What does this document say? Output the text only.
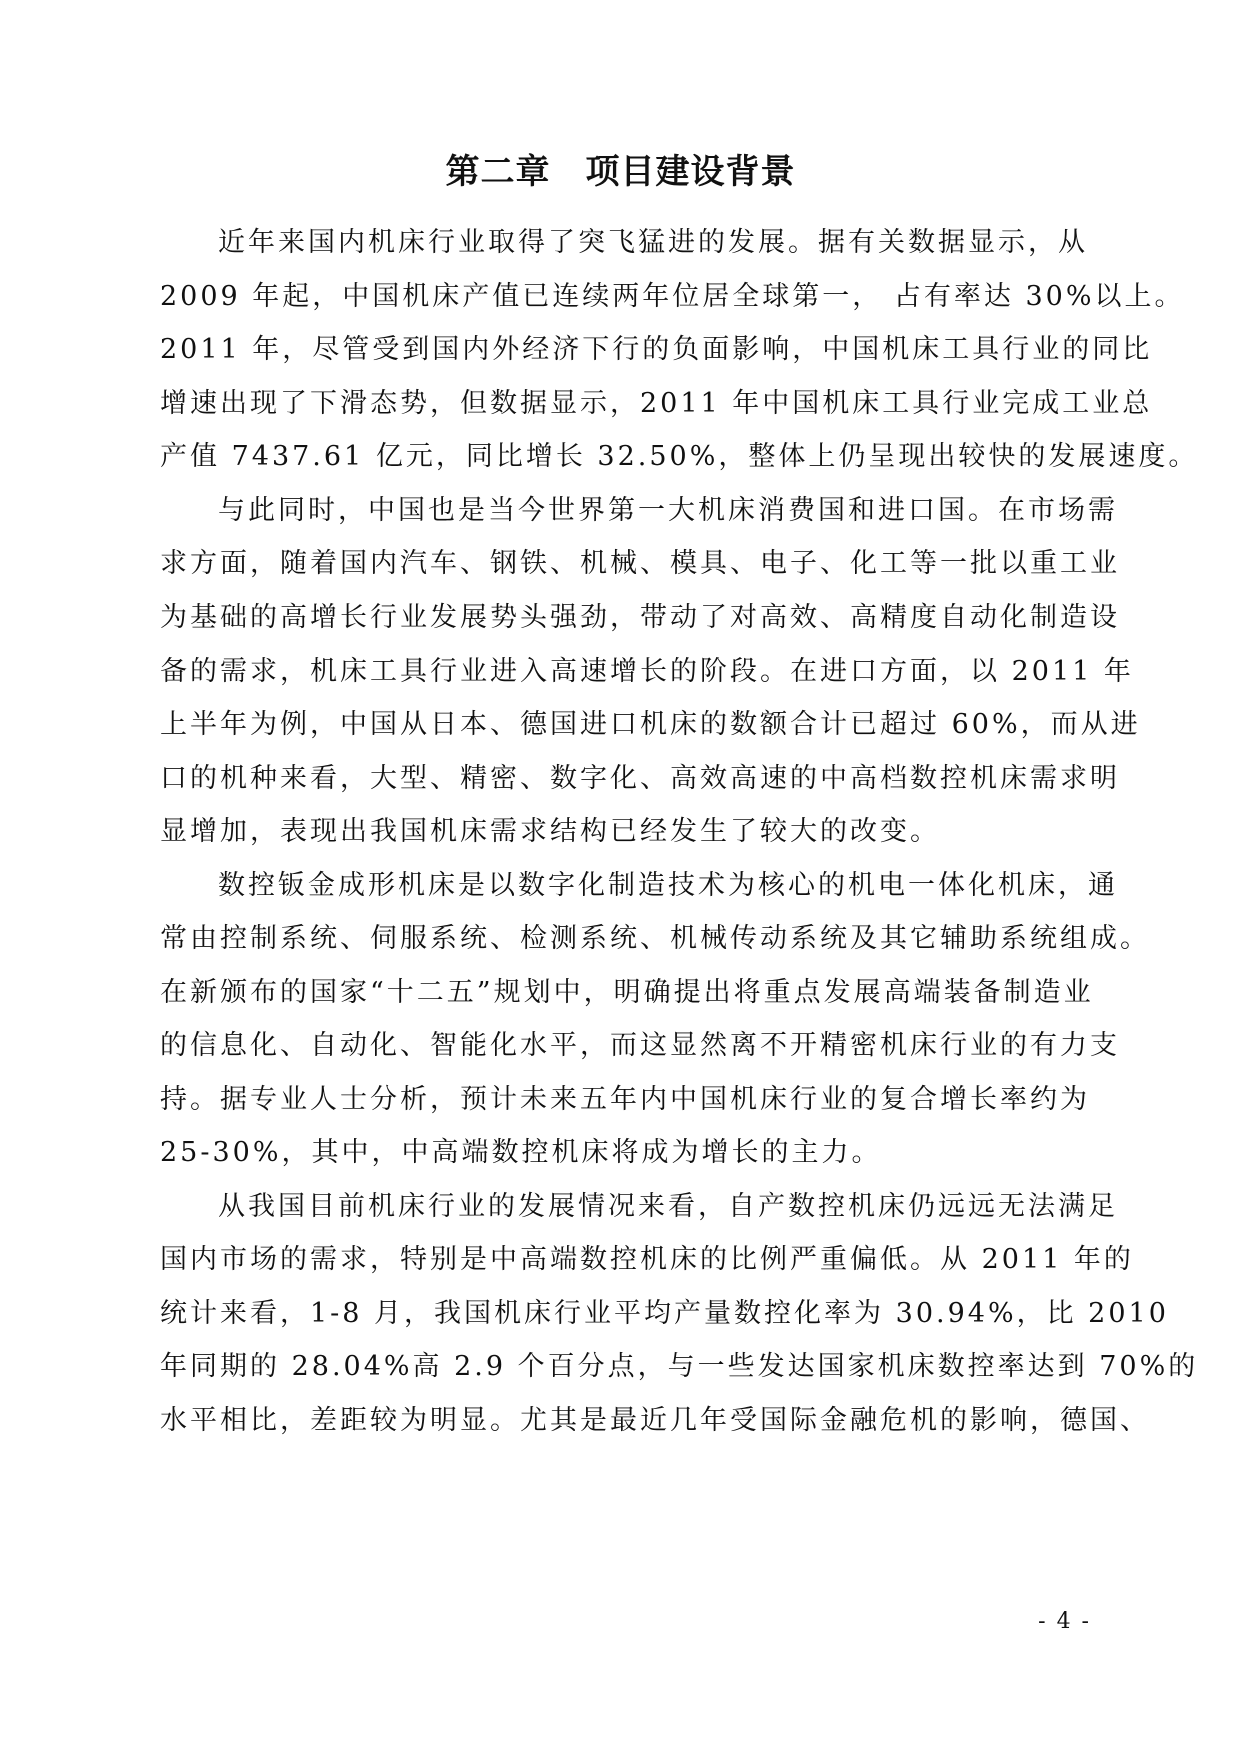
第二章　项目建设背景
近年来国内机床行业取得了突飞猛进的发展。据有关数据显示，从
2009 年起，中国机床产值已连续两年位居全球第一， 占有率达 30%以上。
2011 年，尽管受到国内外经济下行的负面影响，中国机床工具行业的同比
增速出现了下滑态势，但数据显示，2011 年中国机床工具行业完成工业总
产值 7437.61 亿元，同比增长 32.50%，整体上仍呈现出较快的发展速度。
与此同时，中国也是当今世界第一大机床消费国和进口国。在市场需
求方面，随着国内汽车、钢铁、机械、模具、电子、化工等一批以重工业
为基础的高增长行业发展势头强劲，带动了对高效、高精度自动化制造设
备的需求，机床工具行业进入高速增长的阶段。在进口方面，以 2011 年
上半年为例，中国从日本、德国进口机床的数额合计已超过 60%，而从进
口的机种来看，大型、精密、数字化、高效高速的中高档数控机床需求明
显增加，表现出我国机床需求结构已经发生了较大的改变。
数控钣金成形机床是以数字化制造技术为核心的机电一体化机床，通
常由控制系统、伺服系统、检测系统、机械传动系统及其它辅助系统组成。
在新颁布的国家“十二五”规划中，明确提出将重点发展高端装备制造业
的信息化、自动化、智能化水平，而这显然离不开精密机床行业的有力支
持。据专业人士分析，预计未来五年内中国机床行业的复合增长率约为
25-30%，其中，中高端数控机床将成为增长的主力。
从我国目前机床行业的发展情况来看，自产数控机床仍远远无法满足
国内市场的需求，特别是中高端数控机床的比例严重偏低。从 2011 年的
统计来看，1-8 月，我国机床行业平均产量数控化率为 30.94%，比 2010
年同期的 28.04%高 2.9 个百分点，与一些发达国家机床数控率达到 70%的
水平相比，差距较为明显。尤其是最近几年受国际金融危机的影响，德国、
- 4 -
